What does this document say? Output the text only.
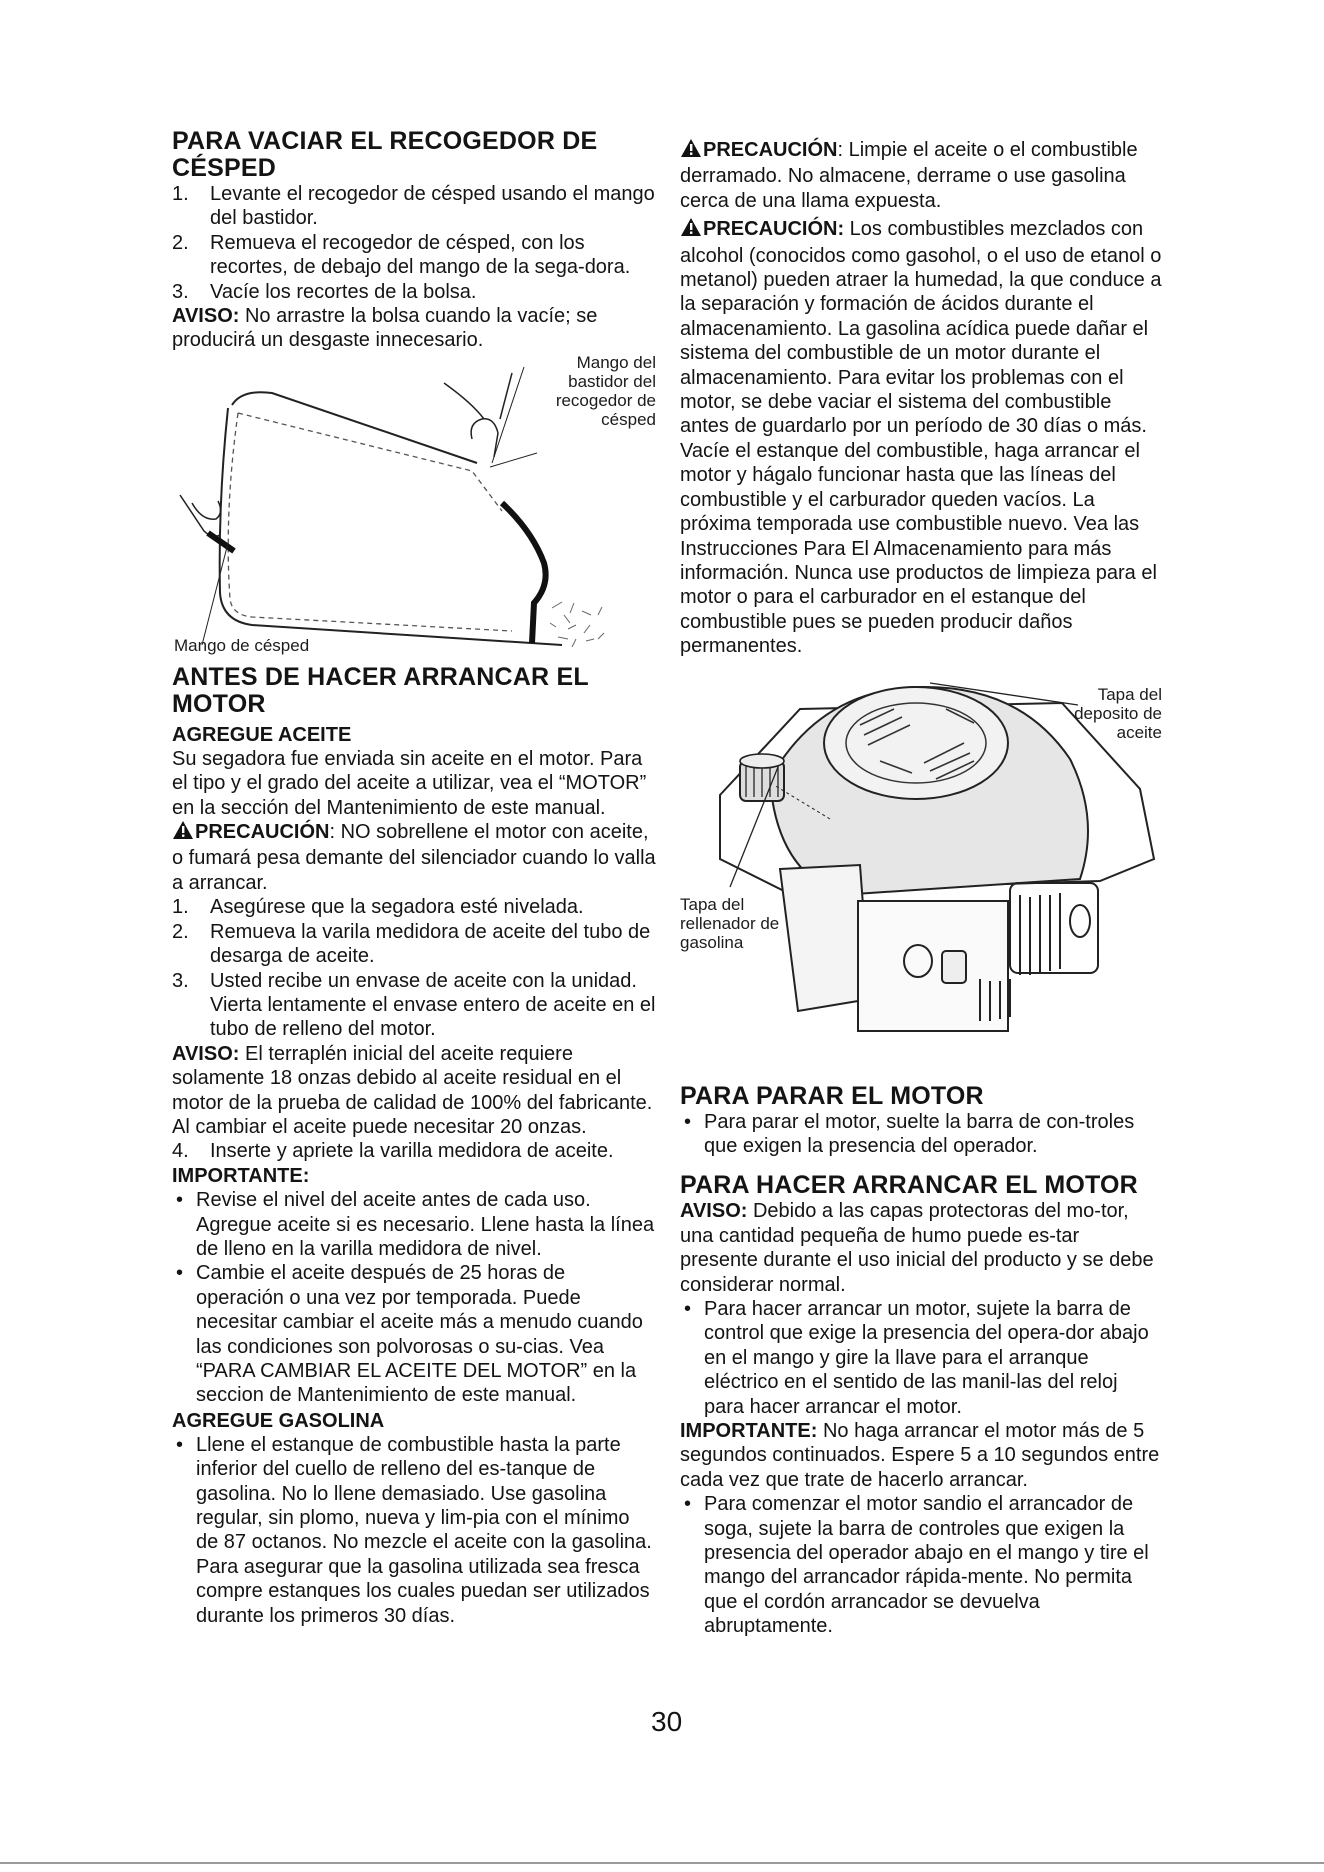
PARA VACIAR EL RECOGEDOR DE CÉSPED
1.	Levante el recogedor de césped usando el mango del bastidor.
2.	Remueva el recogedor de césped, con los recortes, de debajo del mango de la sega-dora.
3.	Vacíe los recortes de la bolsa.

AVISO: No arrastre la bolsa cuando la vacíe; se producirá un desgaste innecesario.

Mango del bastidor del recogedor de césped
Mango de césped
ANTES DE HACER ARRANCAR EL MOTOR
AGREGUE ACEITE

Su segadora fue enviada sin aceite en el motor. Para el tipo y el grado del aceite a utilizar, vea el “MOTOR” en la sección del Mantenimiento de este manual.

PRECAUCIÓN: NO sobrellene el motor con aceite, o fumará pesa demante del silenciador cuando lo valla a arrancar.

1.	Asegúrese que la segadora esté nivelada.
2.	Remueva la varila medidora de aceite del tubo de desarga de aceite.
3.	Usted recibe un envase de aceite con la unidad. Vierta lentamente el envase entero de aceite en el tubo de relleno del motor.

AVISO: El terraplén inicial del aceite requiere solamente 18 onzas debido al aceite residual en el motor de la prueba de calidad de 100% del fabricante. Al cambiar el aceite puede necesitar 20 onzas.

4.	Inserte y apriete la varilla medidora de aceite.

IMPORTANTE:

• Revise el nivel del aceite antes de cada uso. Agregue aceite si es necesario. Llene hasta la línea de lleno en la varilla medidora de nivel.
• Cambie el aceite después de 25 horas de operación o una vez por temporada. Puede necesitar cambiar el aceite más a menudo cuando las condiciones son polvorosas o su-cias. Vea “PARA CAMBIAR EL ACEITE DEL MOTOR” en la seccion de Mantenimiento de este manual.
AGREGUE GASOLINA
• Llene el estanque de combustible hasta la parte inferior del cuello de relleno del es-tanque de gasolina. No lo llene demasiado. Use gasolina regular, sin plomo, nueva y lim-pia con el mínimo de 87 octanos. No mezcle el aceite con la gasolina. Para asegurar que la gasolina utilizada sea fresca compre estanques los cuales puedan ser utilizados durante los primeros 30 días.

PRECAUCIÓN: Limpie el aceite o el combustible derramado. No almacene, derrame o use gasolina cerca de una llama expuesta.

PRECAUCIÓN: Los combustibles mezclados con alcohol (conocidos como gasohol, o el uso de etanol o metanol) pueden atraer la humedad, la que conduce a la separación y formación de ácidos durante el almacenamiento. La gasolina acídica puede dañar el sistema del combustible de un motor durante el almacenamiento. Para evitar los problemas con el motor, se debe vaciar el sistema del combustible antes de guardarlo por un período de 30 días o más. Vacíe el estanque del combustible, haga arrancar el motor y hágalo funcionar hasta que las líneas del combustible y el carburador queden vacíos. La próxima temporada use combustible nuevo. Vea las Instrucciones Para El Almacenamiento para más información. Nunca use productos de limpieza para el motor o para el carburador en el estanque del combustible pues se pueden producir daños permanentes.

Tapa del deposito de aceite
Tapa del rellenador de gasolina
PARA PARAR EL MOTOR
• Para parar el motor, suelte la barra de con-troles que exigen la presencia del operador.
PARA HACER ARRANCAR EL MOTOR

AVISO: Debido a las capas protectoras del mo-tor, una cantidad pequeña de humo puede es-tar presente durante el uso inicial del producto y se debe considerar normal.

• Para hacer arrancar un motor, sujete la barra de control que exige la presencia del opera-dor abajo en el mango y gire la llave para el arranque eléctrico en el sentido de las manil-las del reloj para hacer arrancar el motor.

IMPORTANTE: No haga arrancar el motor más de 5 segundos continuados. Espere 5 a 10 segundos entre cada vez que trate de hacerlo arrancar.

• Para comenzar el motor sandio el arrancador de soga, sujete la barra de controles que exigen la presencia del operador abajo en el mango y tire el mango del arrancador rápida-mente. No permita que el cordón arrancador se devuelva abruptamente.
30
